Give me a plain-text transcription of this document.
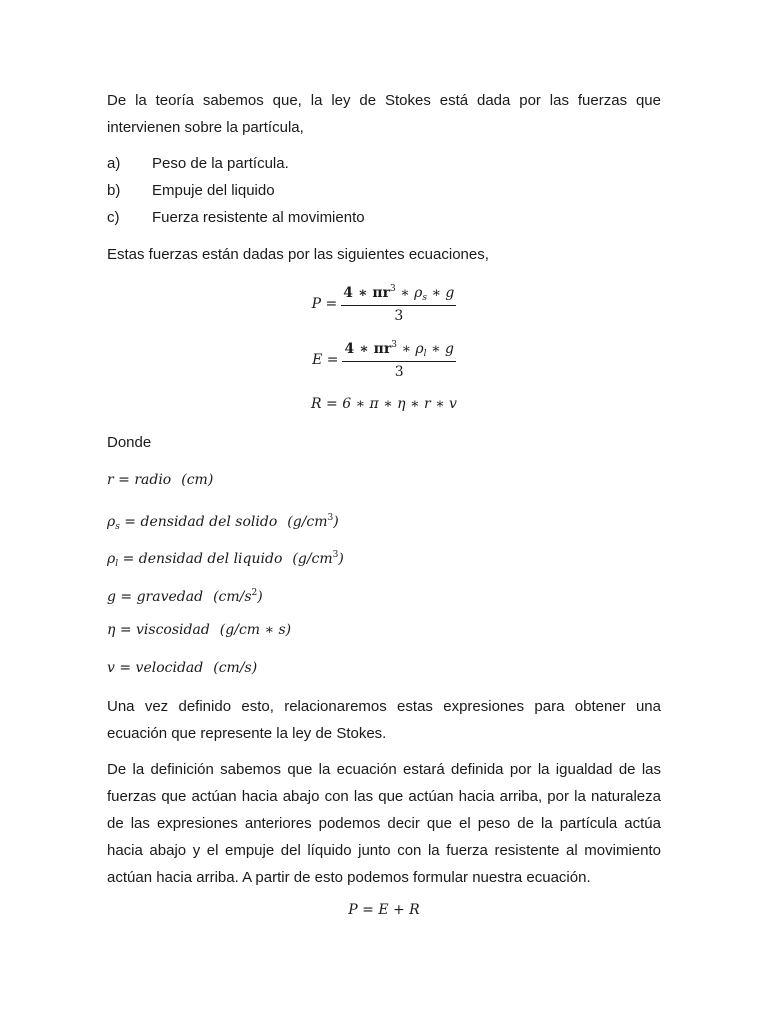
De la teoría sabemos que, la ley de Stokes está dada por las fuerzas que intervienen sobre la partícula,

a)	Peso de la partícula.
b)	Empuje del liquido
c)	Fuerza resistente al movimiento

Estas fuerzas están dadas por las siguientes ecuaciones,

$P = \frac{4 ∗ \pi r^3 ∗ \rho_s ∗ g}{3}$
$E = \frac{4 ∗ \pi r^3 ∗ \rho_l ∗ g}{3}$
R = 6 ∗ π ∗ η ∗ r ∗ v
Donde
r = radio (cm)
$\rho_s$ = densidad del solido $(g/cm^3)$
$\rho_l$ = densidad del liquido $(g/cm^3)$
g = gravedad $(cm/s^2)$
η = viscosidad (g/cm ∗ s)
v = velocidad (cm/s)

Una vez definido esto, relacionaremos estas expresiones para obtener una ecuación que represente la ley de Stokes.

De la definición sabemos que la ecuación estará definida por la igualdad de las fuerzas que actúan hacia abajo con las que actúan hacia arriba, por la naturaleza de las expresiones anteriores podemos decir que el peso de la partícula actúa hacia abajo y el empuje del líquido junto con la fuerza resistente al movimiento actúan hacia arriba. A partir de esto podemos formular nuestra ecuación.

P = E + R
